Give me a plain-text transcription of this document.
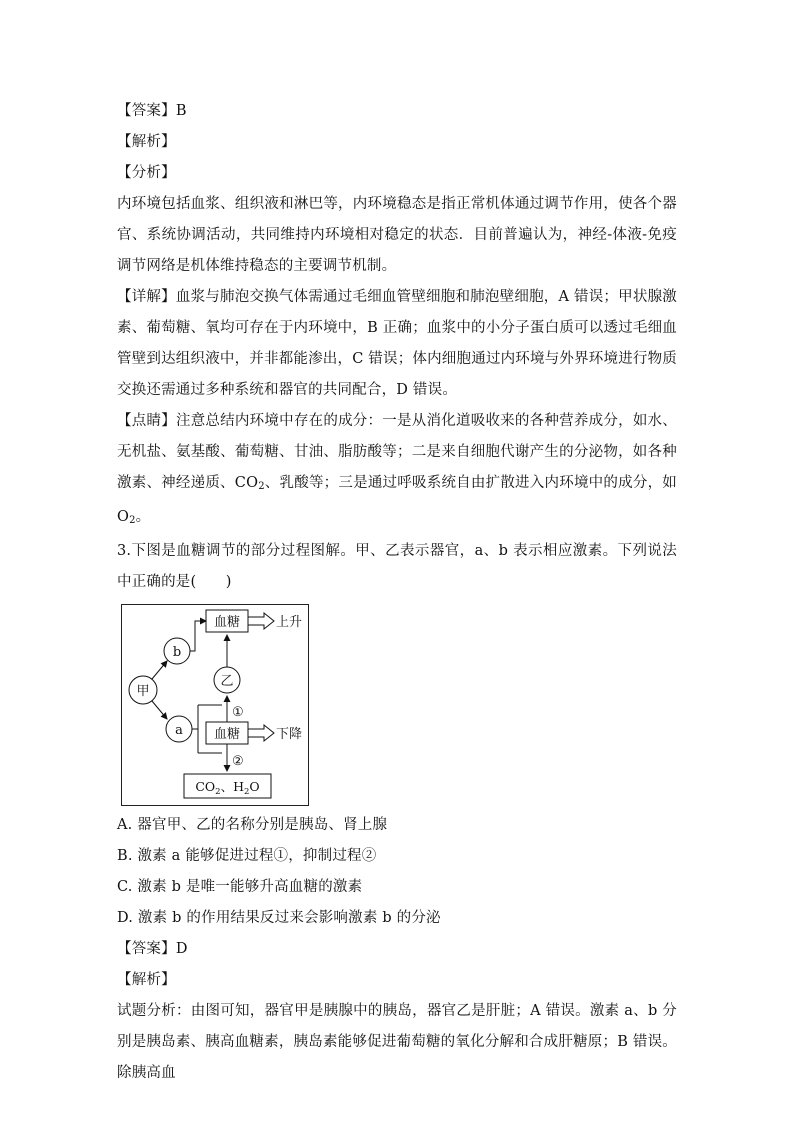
【答案】B
【解析】
【分析】
内环境包括血浆、组织液和淋巴等，内环境稳态是指正常机体通过调节作用，使各个器官、系统协调活动，共同维持内环境相对稳定的状态．目前普遍认为，神经-体液-免疫调节网络是机体维持稳态的主要调节机制。
【详解】血浆与肺泡交换气体需通过毛细血管壁细胞和肺泡壁细胞，A 错误；甲状腺激素、葡萄糖、氧均可存在于内环境中，B 正确；血浆中的小分子蛋白质可以透过毛细血管壁到达组织液中，并非都能渗出，C 错误；体内细胞通过内环境与外界环境进行物质交换还需通过多种系统和器官的共同配合，D 错误。
【点睛】注意总结内环境中存在的成分：一是从消化道吸收来的各种营养成分，如水、无机盐、氨基酸、葡萄糖、甘油、脂肪酸等；二是来自细胞代谢产生的分泌物，如各种激素、神经递质、$CO_2$、乳酸等；三是通过呼吸系统自由扩散进入内环境中的成分，如 $O_2$。
3.下图是血糖调节的部分过程图解。甲、乙表示器官，a、b 表示相应激素。下列说法中正确的是(　　)
血糖	上升
b
甲
a
乙
血糖	下降
①
②
$CO_2$、$H_2O$
A. 器官甲、乙的名称分别是胰岛、肾上腺
B. 激素 a 能够促进过程①，抑制过程②
C. 激素 b 是唯一能够升高血糖的激素
D. 激素 b 的作用结果反过来会影响激素 b 的分泌
【答案】D
【解析】
试题分析：由图可知，器官甲是胰腺中的胰岛，器官乙是肝脏；A 错误。激素 a、b 分别是胰岛素、胰高血糖素，胰岛素能够促进葡萄糖的氧化分解和合成肝糖原；B 错误。除胰高血
